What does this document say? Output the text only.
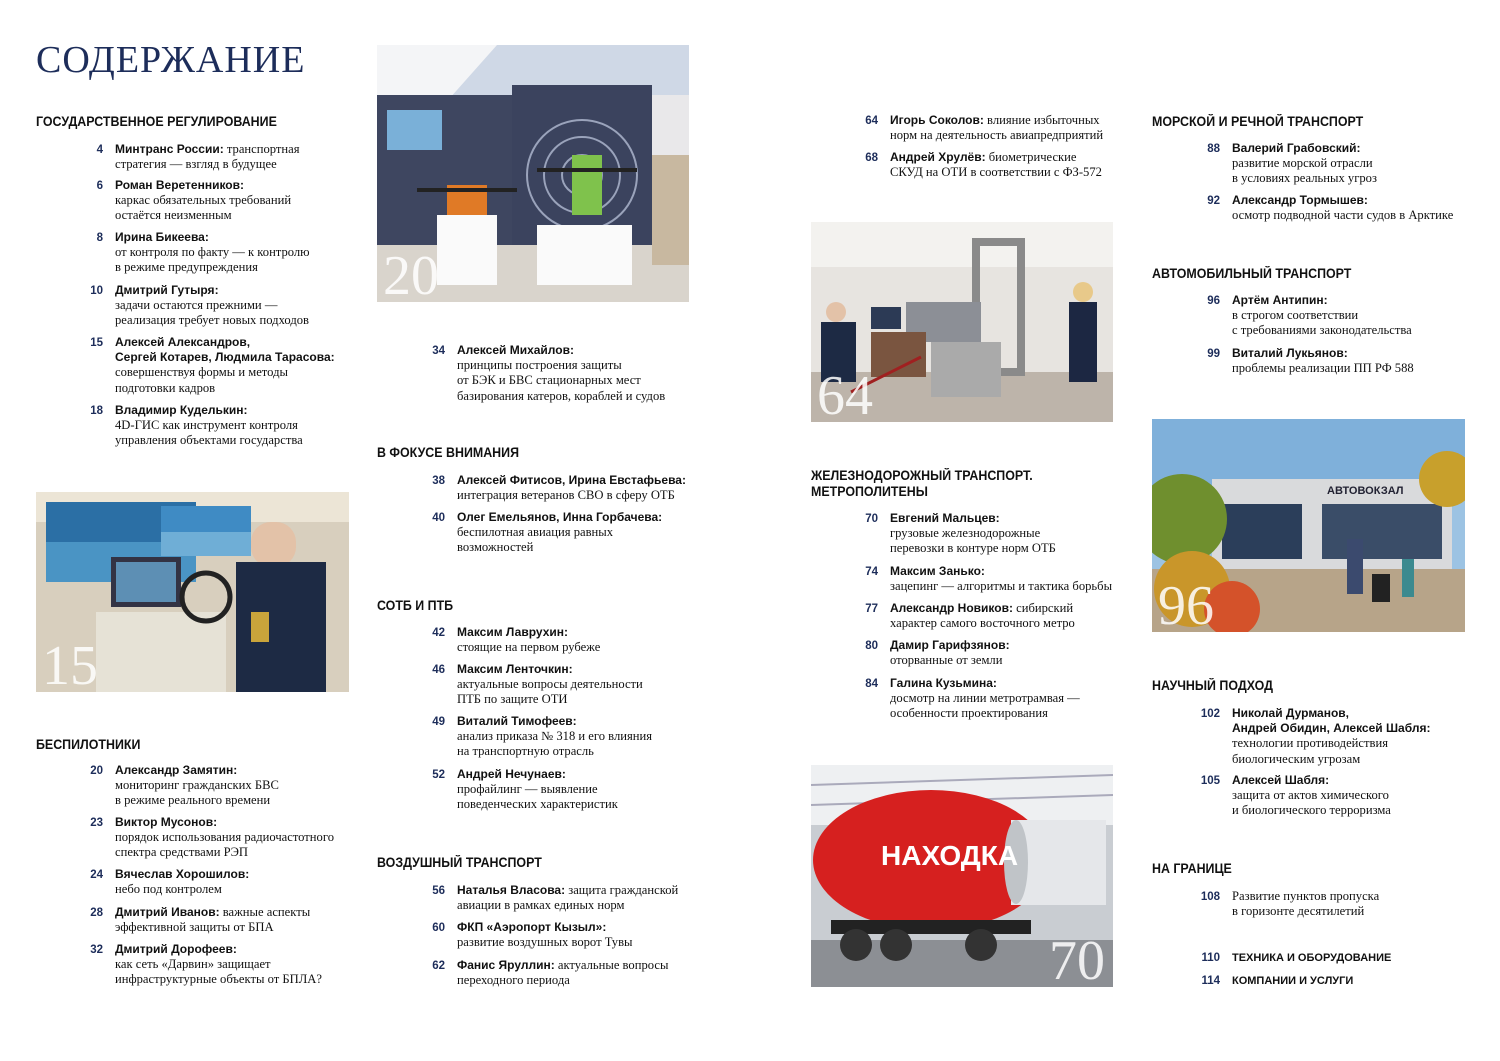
СОДЕРЖАНИЕ
ГОСУДАРСТВЕННОЕ РЕГУЛИРОВАНИЕ
4 Минтранс России: транспортная
стратегия — взгляд в будущее
6 Роман Веретенников:
каркас обязательных требований
остаётся неизменным
8 Ирина Бикеева:
от контроля по факту — к контролю
в режиме предупреждения
10 Дмитрий Гутыря:
задачи остаются прежними —
реализация требует новых подходов
15 Алексей Александров,
Сергей Котарев, Людмила Тарасова:
совершенствуя формы и методы
подготовки кадров
18 Владимир Куделькин:
4D-ГИС как инструмент контроля
управления объектами государства
15
БЕСПИЛОТНИКИ
20 Александр Замятин:
мониторинг гражданских БВС
в режиме реального времени
23 Виктор Мусонов:
порядок использования радиочастотного
спектра средствами РЭП
24 Вячеслав Хорошилов:
небо под контролем
28 Дмитрий Иванов: важные аспекты
эффективной защиты от БПА
32 Дмитрий Дорофеев:
как сеть «Дарвин» защищает
инфраструктурные объекты от БПЛА?
20
34 Алексей Михайлов:
принципы построения защиты
от БЭК и БВС стационарных мест
базирования катеров, кораблей и судов
В ФОКУСЕ ВНИМАНИЯ
38 Алексей Фитисов, Ирина Евстафьева:
интеграция ветеранов СВО в сферу ОТБ
40 Олег Емельянов, Инна Горбачева:
беспилотная авиация равных
возможностей
СОТБ И ПТБ
42 Максим Лаврухин:
стоящие на первом рубеже
46 Максим Ленточкин:
актуальные вопросы деятельности
ПТБ по защите ОТИ
49 Виталий Тимофеев:
анализ приказа № 318 и его влияния
на транспортную отрасль
52 Андрей Нечунаев:
профайлинг — выявление
поведенческих характеристик
ВОЗДУШНЫЙ ТРАНСПОРТ
56 Наталья Власова: защита гражданской
авиации в рамках единых норм
60 ФКП «Аэропорт Кызыл»:
развитие воздушных ворот Тувы
62 Фанис Яруллин: актуальные вопросы
переходного периода
64 Игорь Соколов: влияние избыточных
норм на деятельность авиапредприятий
68 Андрей Хрулёв: биометрические
СКУД на ОТИ в соответствии с ФЗ-572
64
ЖЕЛЕЗНОДОРОЖНЫЙ ТРАНСПОРТ.
МЕТРОПОЛИТЕНЫ
70 Евгений Мальцев:
грузовые железнодорожные
перевозки в контуре норм ОТБ
74 Максим Занько:
зацепинг — алгоритмы и тактика борьбы
77 Александр Новиков: сибирский
характер самого восточного метро
80 Дамир Гарифзянов:
оторванные от земли
84 Галина Кузьмина:
досмотр на линии метротрамвая —
особенности проектирования
НАХОДКА
70
МОРСКОЙ И РЕЧНОЙ ТРАНСПОРТ
88 Валерий Грабовский:
развитие морской отрасли
в условиях реальных угроз
92 Александр Тормышев:
осмотр подводной части судов в Арктике
АВТОМОБИЛЬНЫЙ ТРАНСПОРТ
96 Артём Антипин:
в строгом соответствии
с требованиями законодательства
99 Виталий Лукьянов:
проблемы реализации ПП РФ 588
АВТОВОКЗАЛ
96
НАУЧНЫЙ ПОДХОД
102 Николай Дурманов,
Андрей Обидин, Алексей Шабля:
технологии противодействия
биологическим угрозам
105 Алексей Шабля:
защита от актов химического
и биологического терроризма
НА ГРАНИЦЕ
108 Развитие пунктов пропуска
в горизонте десятилетий
110 ТЕХНИКА И ОБОРУДОВАНИЕ
114 КОМПАНИИ И УСЛУГИ
